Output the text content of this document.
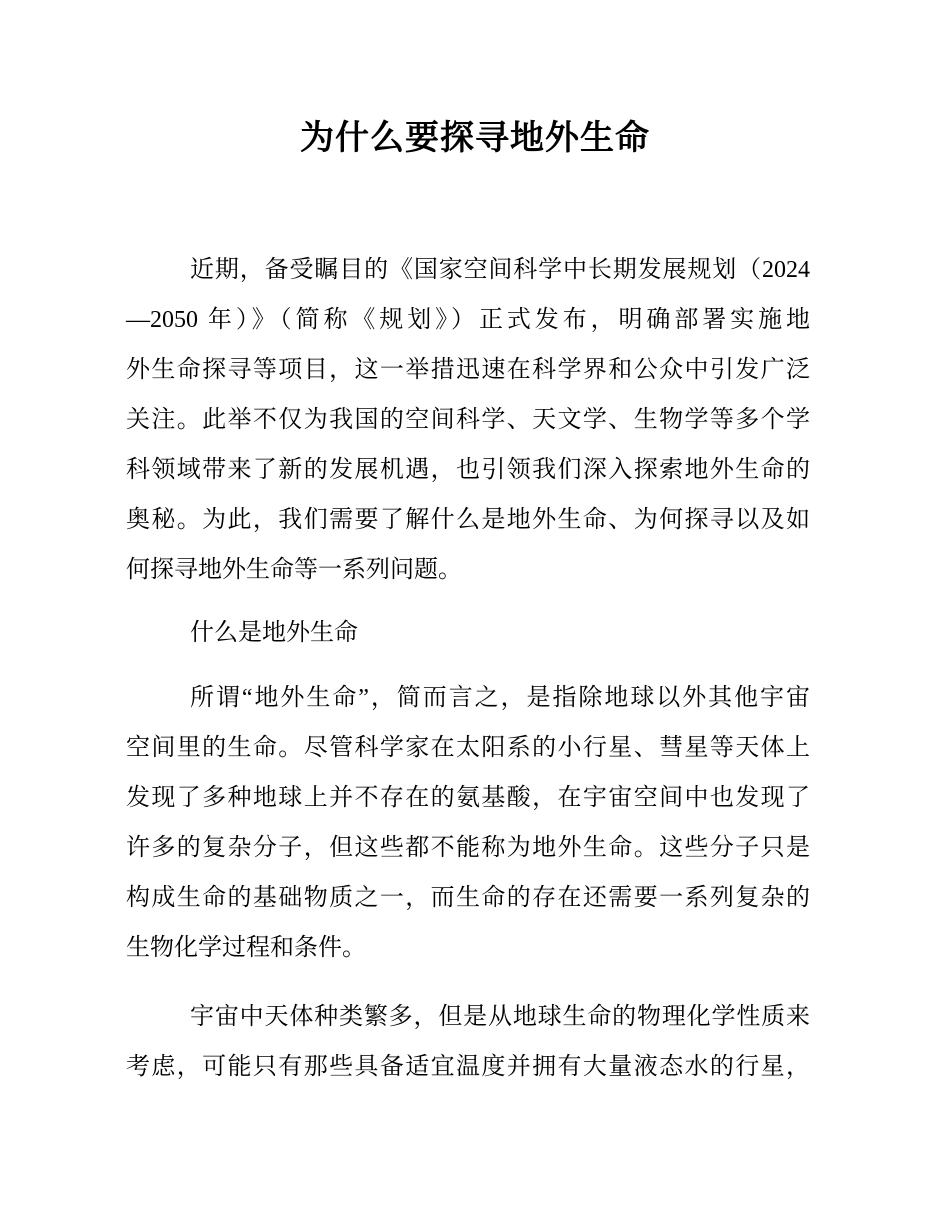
为什么要探寻地外生命
近期，备受瞩目的《国家空间科学中长期发展规划（2024
—2050 年）》（简称《规划》）正式发布，明确部署实施地
外生命探寻等项目，这一举措迅速在科学界和公众中引发广泛
关注。此举不仅为我国的空间科学、天文学、生物学等多个学
科领域带来了新的发展机遇，也引领我们深入探索地外生命的
奥秘。为此，我们需要了解什么是地外生命、为何探寻以及如
何探寻地外生命等一系列问题。
什么是地外生命
所谓“地外生命”，简而言之，是指除地球以外其他宇宙
空间里的生命。尽管科学家在太阳系的小行星、彗星等天体上
发现了多种地球上并不存在的氨基酸，在宇宙空间中也发现了
许多的复杂分子，但这些都不能称为地外生命。这些分子只是
构成生命的基础物质之一，而生命的存在还需要一系列复杂的
生物化学过程和条件。
宇宙中天体种类繁多，但是从地球生命的物理化学性质来
考虑，可能只有那些具备适宜温度并拥有大量液态水的行星，
